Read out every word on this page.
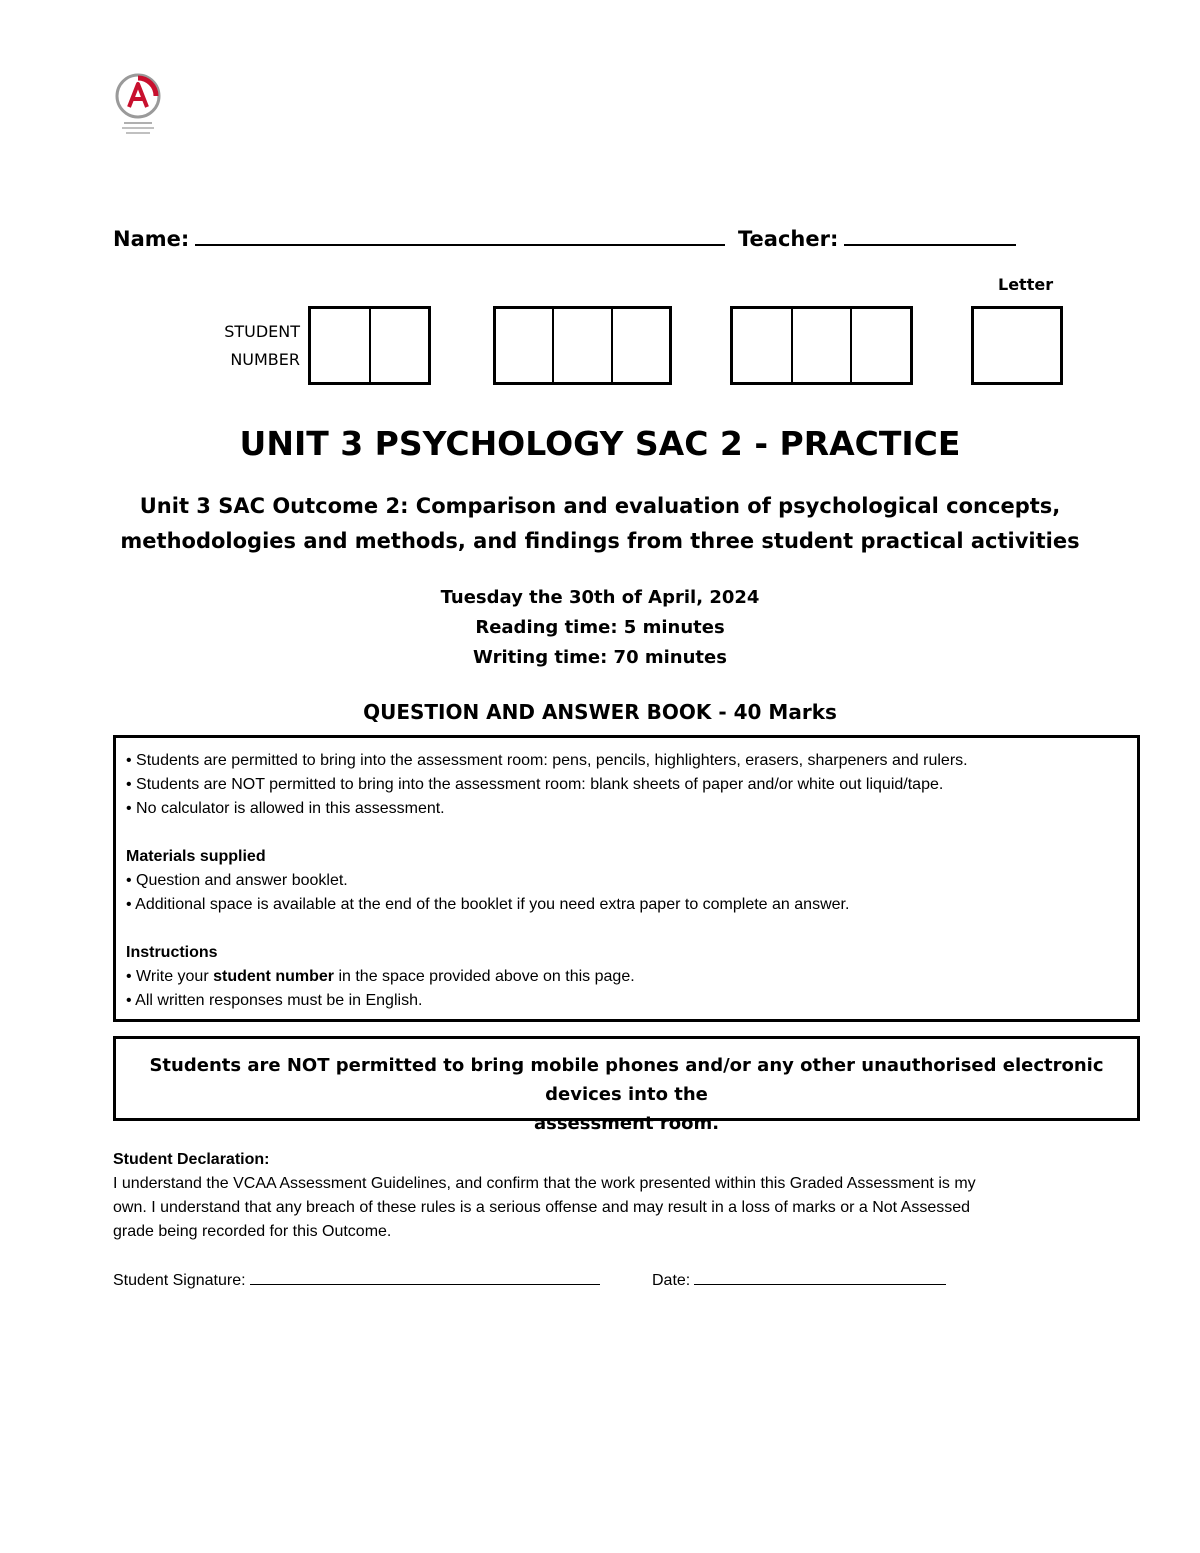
Name:	Teacher:
Letter
STUDENT
NUMBER
UNIT 3 PSYCHOLOGY SAC 2 - PRACTICE
Unit 3 SAC Outcome 2: Comparison and evaluation of psychological concepts,
methodologies and methods, and findings from three student practical activities
Tuesday the 30th of April, 2024
Reading time: 5 minutes
Writing time: 70 minutes
QUESTION AND ANSWER BOOK - 40 Marks

• Students are permitted to bring into the assessment room: pens, pencils, highlighters, erasers, sharpeners and rulers.

• Students are NOT permitted to bring into the assessment room: blank sheets of paper and/or white out liquid/tape.

• No calculator is allowed in this assessment.

Materials supplied

• Question and answer booklet.

• Additional space is available at the end of the booklet if you need extra paper to complete an answer.

Instructions

• Write your student number in the space provided above on this page.

• All written responses must be in English.

Students are NOT permitted to bring mobile phones and/or any other unauthorised electronic devices into the
assessment room.

Student Declaration:

I understand the VCAA Assessment Guidelines, and confirm that the work presented within this Graded Assessment is my

own. I understand that any breach of these rules is a serious offense and may result in a loss of marks or a Not Assessed

grade being recorded for this Outcome.

Student Signature:	Date:
